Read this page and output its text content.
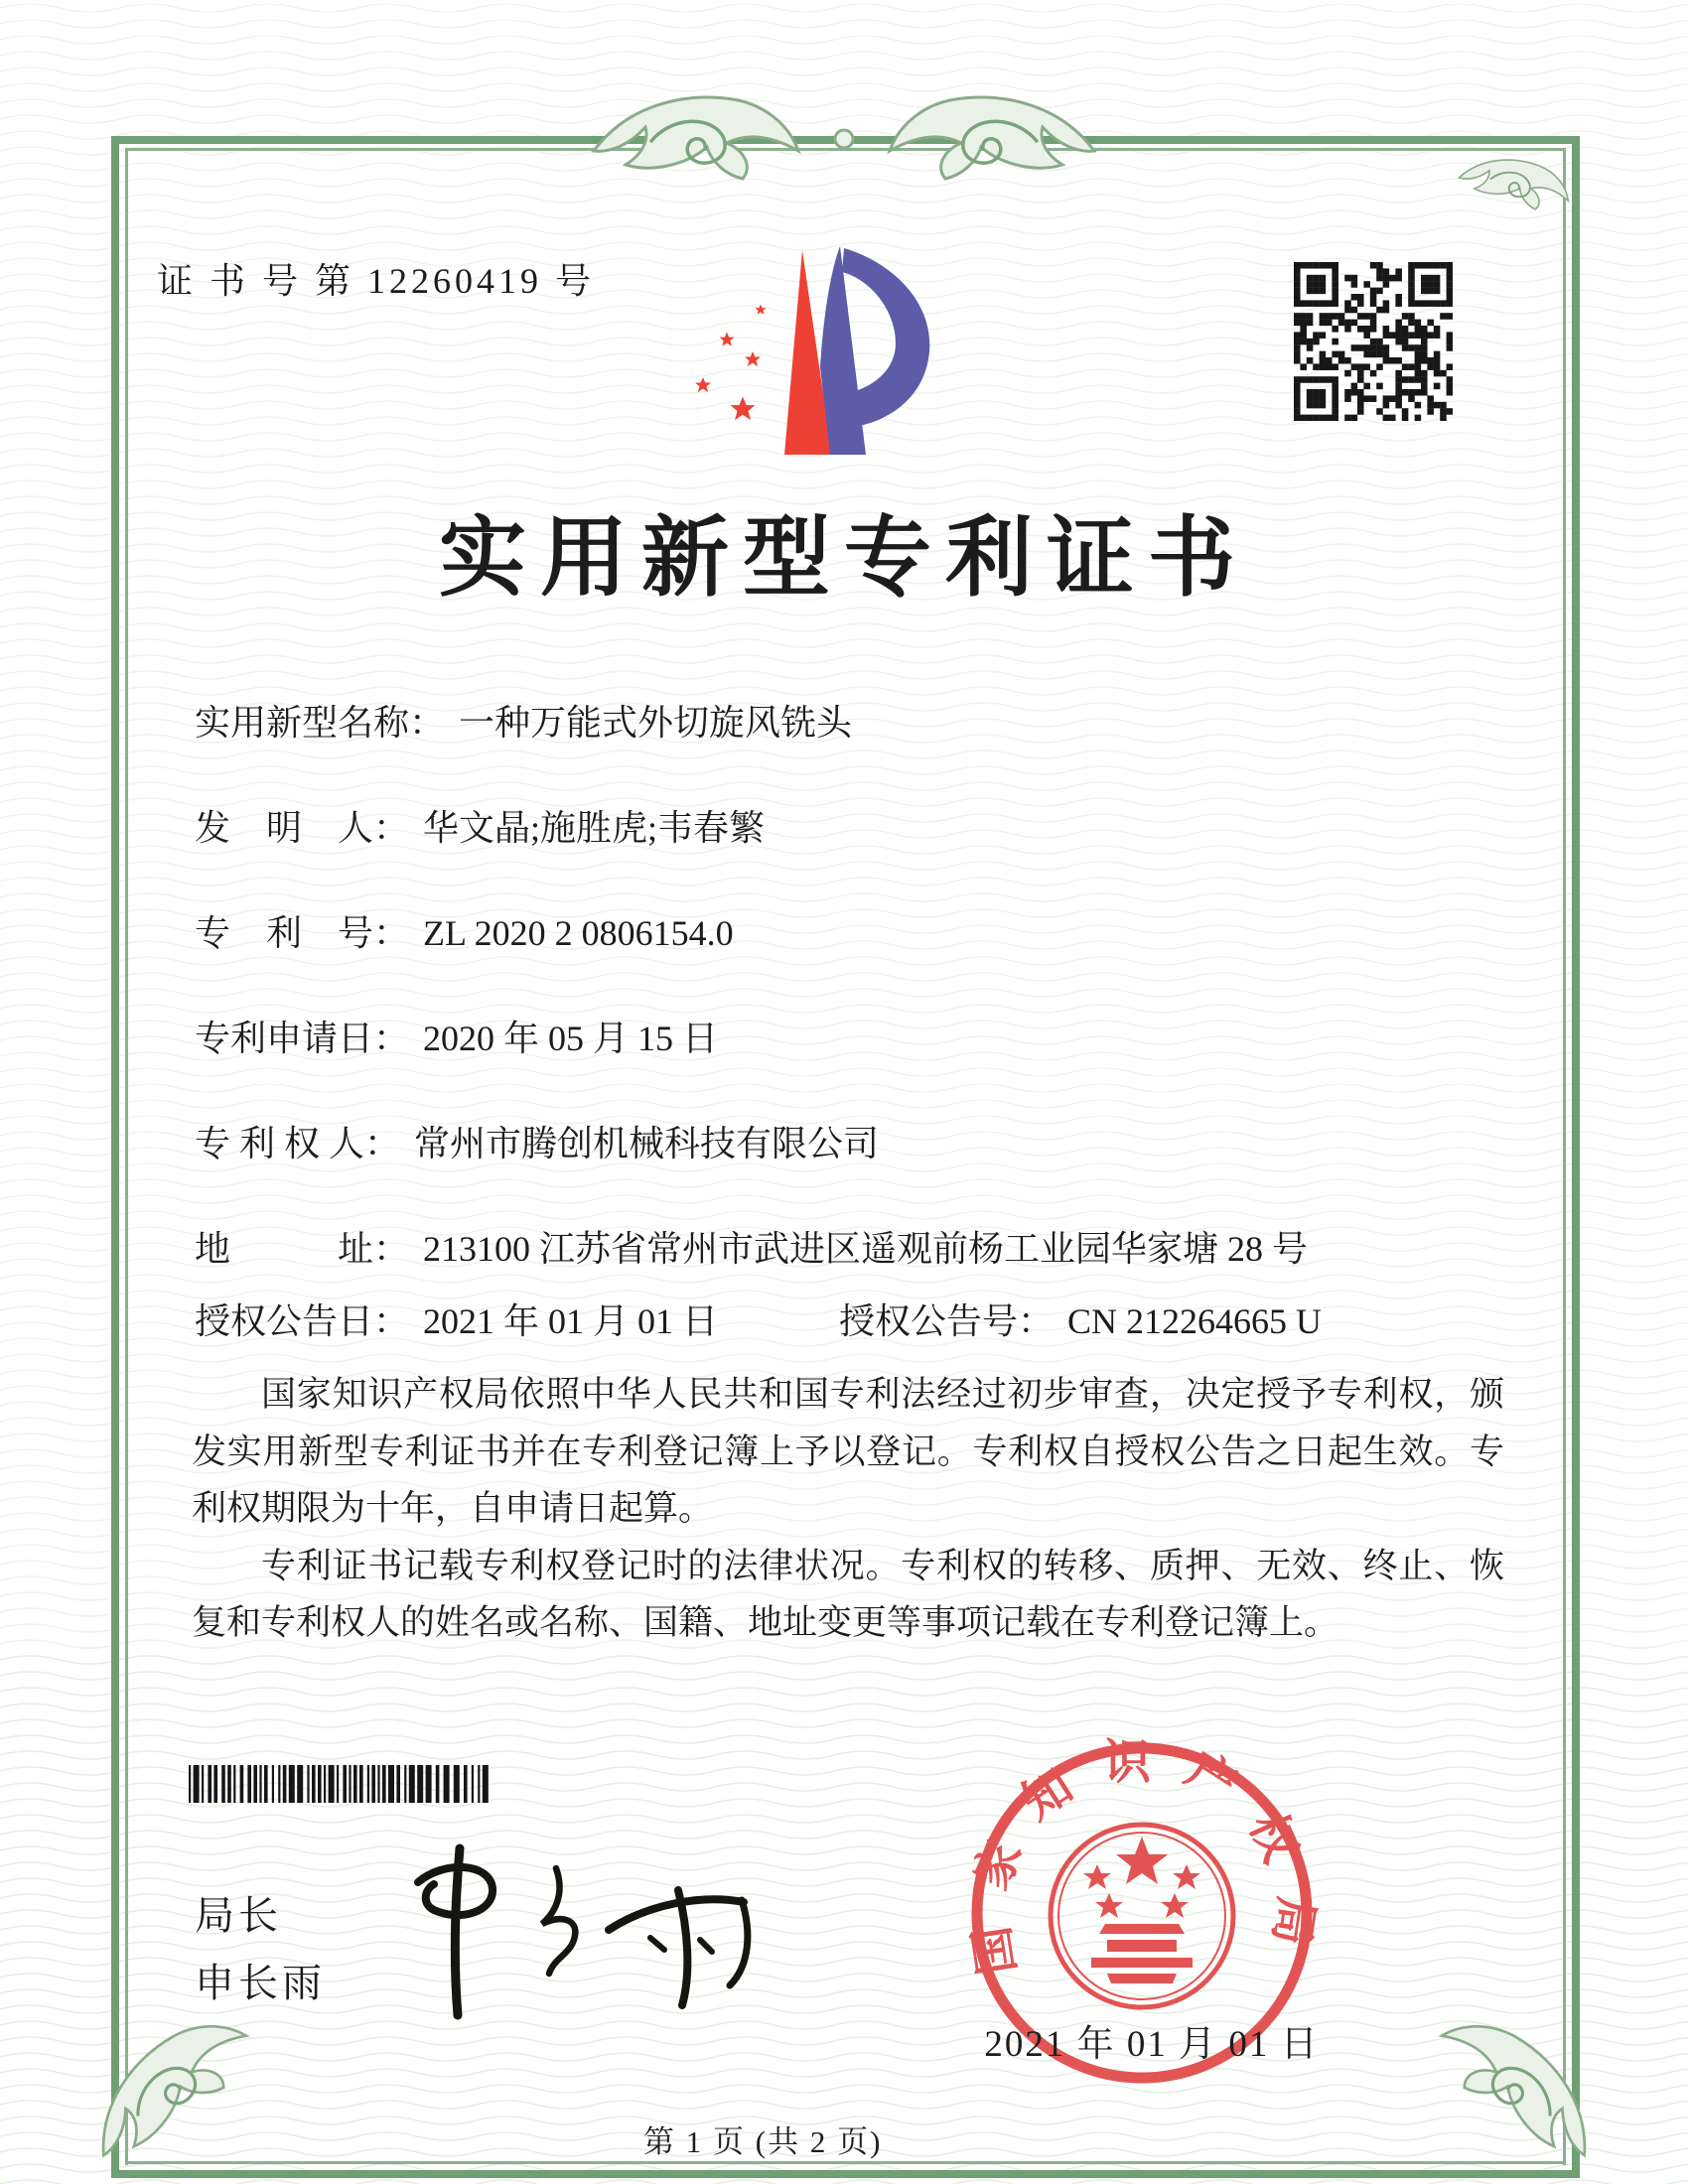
证 书 号 第 12260419 号
实用新型专利证书
实用新型名称： 一种万能式外切旋风铣头
发　明　人： 华文晶;施胜虎;韦春繁
专　利　号： ZL 2020 2 0806154.0
专利申请日： 2020 年 05 月 15 日
专 利 权 人： 常州市腾创机械科技有限公司
地　　　址： 213100 江苏省常州市武进区遥观前杨工业园华家塘 28 号
授权公告日： 2021 年 01 月 01 日	授权公告号： CN 212264665 U

国家知识产权局依照中华人民共和国专利法经过初步审查，决定授予专利权，颁发实用新型专利证书并在专利登记簿上予以登记。专利权自授权公告之日起生效。专利权期限为十年，自申请日起算。

专利证书记载专利权登记时的法律状况。专利权的转移、质押、无效、终止、恢复和专利权人的姓名或名称、国籍、地址变更等事项记载在专利登记簿上。

局长
申长雨
国家知识产权局
2021 年 01 月 01 日
第 1 页 (共 2 页)
